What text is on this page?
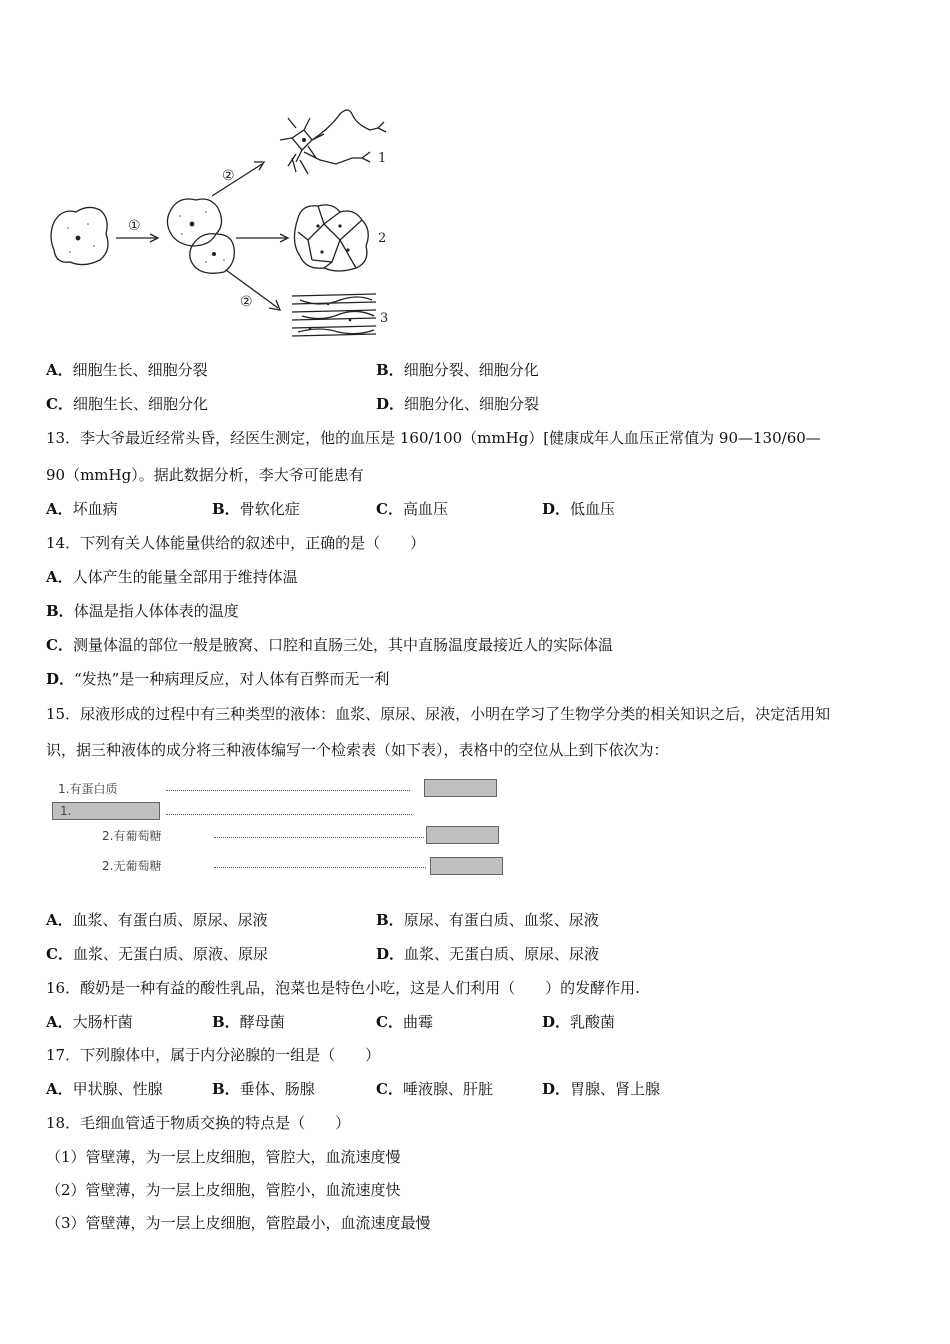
①
②
②
1
2
3
A．细胞生长、细胞分裂	B．细胞分裂、细胞分化
C．细胞生长、细胞分化	D．细胞分化、细胞分裂
13．李大爷最近经常头昏，经医生测定，他的血压是 160/100（mmHg）[健康成年人血压正常值为 90—130/60—
90（mmHg）。据此数据分析，李大爷可能患有
A．坏血病	B．骨软化症	C．高血压	D．低血压
14．下列有关人体能量供给的叙述中，正确的是（　　）
A．人体产生的能量全部用于维持体温
B．体温是指人体体表的温度
C．测量体温的部位一般是腋窝、口腔和直肠三处，其中直肠温度最接近人的实际体温
D．“发热”是一种病理反应，对人体有百弊而无一利
15．尿液形成的过程中有三种类型的液体：血浆、原尿、尿液，小明在学习了生物学分类的相关知识之后，决定活用知
识，据三种液体的成分将三种液体编写一个检索表（如下表），表格中的空位从上到下依次为：
1.有蛋白质
1.
2.有葡萄糖
2.无葡萄糖
A．血浆、有蛋白质、原尿、尿液	B．原尿、有蛋白质、血浆、尿液
C．血浆、无蛋白质、原液、原尿	D．血浆、无蛋白质、原尿、尿液
16．酸奶是一种有益的酸性乳品，泡菜也是特色小吃，这是人们利用（　　）的发酵作用.
A．大肠杆菌	B．酵母菌	C．曲霉	D．乳酸菌
17．下列腺体中，属于内分泌腺的一组是（　　）
A．甲状腺、性腺	B．垂体、肠腺	C．唾液腺、肝脏	D．胃腺、肾上腺
18．毛细血管适于物质交换的特点是（　　）
（1）管壁薄，为一层上皮细胞，管腔大，血流速度慢
（2）管壁薄，为一层上皮细胞，管腔小，血流速度快
（3）管壁薄，为一层上皮细胞，管腔最小，血流速度最慢
